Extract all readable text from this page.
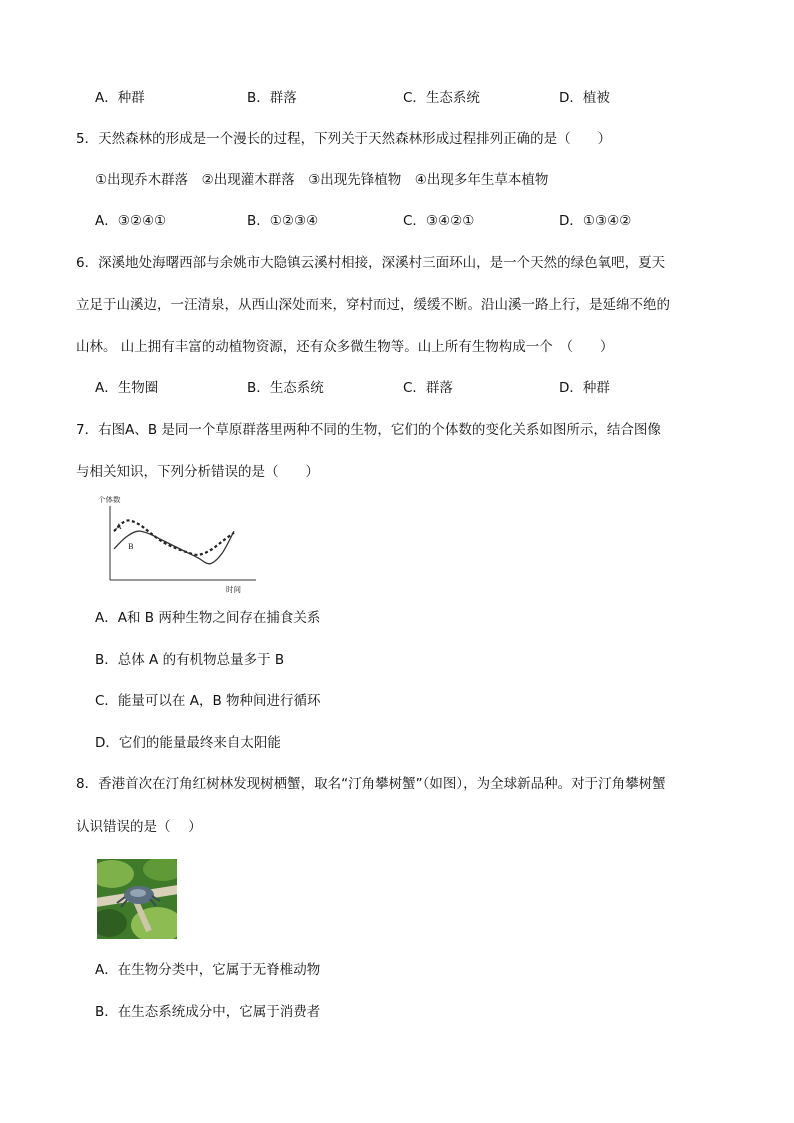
A．种群	B．群落	C．生态系统	D．植被
5．天然森林的形成是一个漫长的过程，下列关于天然森林形成过程排列正确的是（　　）
①出现乔木群落　②出现灌木群落　③出现先锋植物　④出现多年生草本植物
A．③②④①	B．①②③④	C．③④②①	D．①③④②
6．深溪地处海曙西部与余姚市大隐镇云溪村相接，深溪村三面环山，是一个天然的绿色氧吧，夏天
立足于山溪边，一汪清泉，从西山深处而来，穿村而过，缓缓不断。沿山溪一路上行，是延绵不绝的
山林。 山上拥有丰富的动植物资源，还有众多微生物等。山上所有生物构成一个　（　　）
A．生物圈	B．生态系统	C．群落	D．种群
7．右图A、B 是同一个草原群落里两种不同的生物，它们的个体数的变化关系如图所示，结合图像
与相关知识，下列分析错误的是（　　）
个体数
时间
A
B
A．A和 B 两种生物之间存在捕食关系
B．总体 A 的有机物总量多于 B
C．能量可以在 A，B 物种间进行循环
D．它们的能量最终来自太阳能
8．香港首次在汀角红树林发现树栖蟹，取名“汀角攀树蟹”（如图），为全球新品种。对于汀角攀树蟹
认识错误的是（　 ）
A．在生物分类中，它属于无脊椎动物
B．在生态系统成分中，它属于消费者
